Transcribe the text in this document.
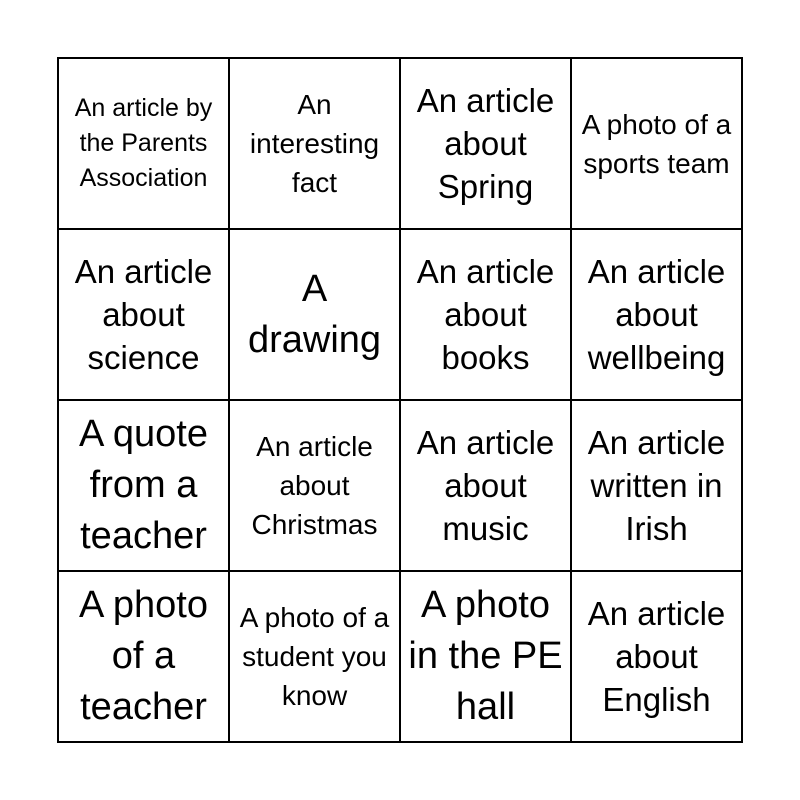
An article by the Parents Association
An interesting fact
An article about Spring
A photo of a sports team
An article about science
A drawing
An article about books
An article about wellbeing
A quote from a teacher
An article about Christmas
An article about music
An article written in Irish
A photo of a teacher
A photo of a student you know
A photo in the PE hall
An article about English
